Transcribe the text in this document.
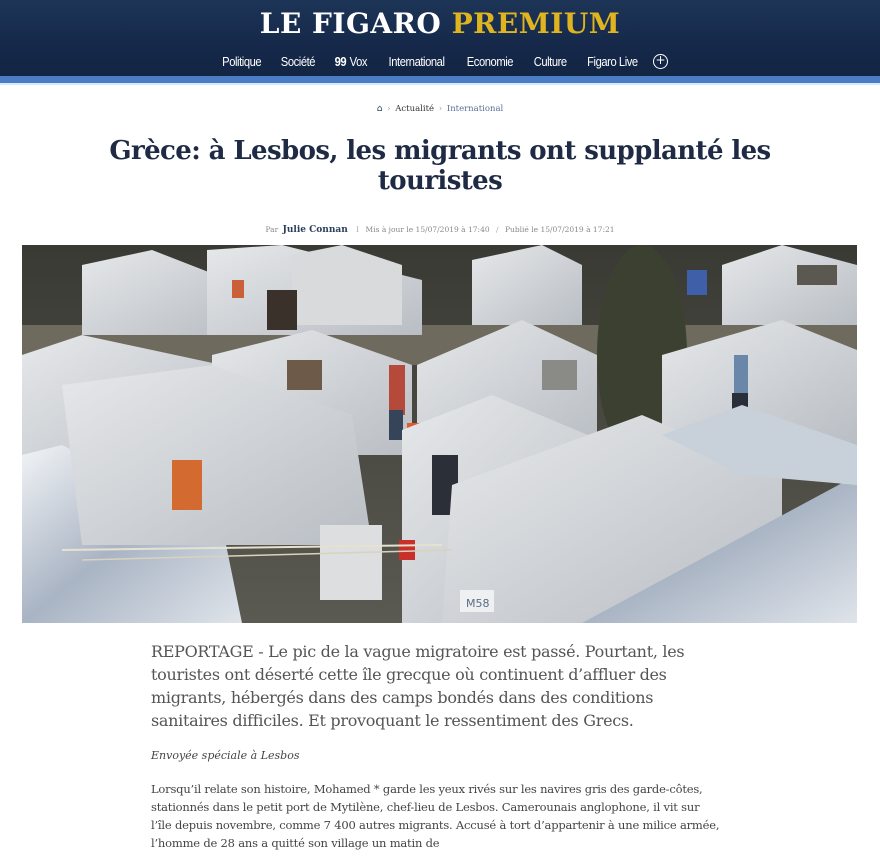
LE FIGARO PREMIUM
Politique	Société	99 Vox	International	Economie	Culture	Figaro Live	+
⌂ › Actualité › International
Grèce: à Lesbos, les migrants ont supplanté les touristes
Par Julie Connan I Mis à jour le 15/07/2019 à 17:40 / Publié le 15/07/2019 à 17:21
M58

REPORTAGE - Le pic de la vague migratoire est passé. Pourtant, les touristes ont déserté cette île grecque où continuent d’affluer des migrants, hébergés dans des camps bondés dans des conditions sanitaires difficiles. Et provoquant le ressentiment des Grecs.

Envoyée spéciale à Lesbos

Lorsqu’il relate son histoire, Mohamed * garde les yeux rivés sur les navires gris des garde-côtes, stationnés dans le petit port de Mytilène, chef-lieu de Lesbos. Camerounais anglophone, il vit sur l’île depuis novembre, comme 7 400 autres migrants. Accusé à tort d’appartenir à une milice armée, l’homme de 28 ans a quitté son village un matin de
